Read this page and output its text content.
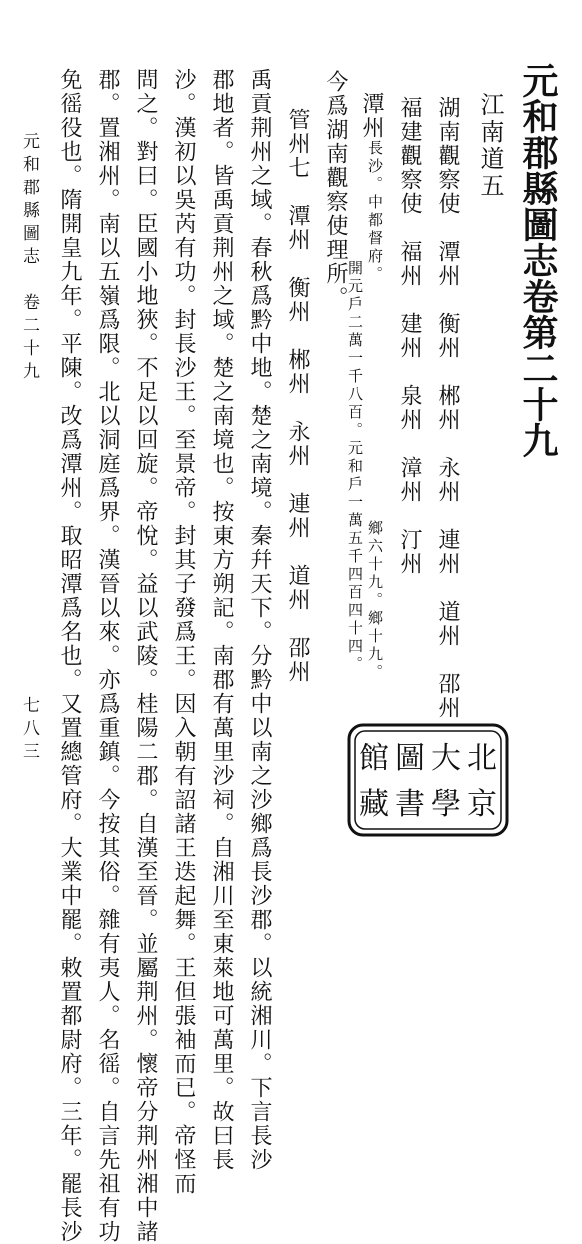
元和郡縣圖志卷第二十九
江南道五
湖南觀察使　潭州　衡州　郴州　永州　連州　道州　邵州
福建觀察使　福州　建州　泉州　漳州　汀州
潭州
長沙。中都督府。
開元戶二萬一千八百。元和戶一萬五千四百四十四。 鄉六十九。鄉十九。
今爲湖南觀察使理所。
管州七　潭州　衡州　郴州　永州　連州　道州　邵州
禹貢荆州之域。春秋爲黔中地。楚之南境。秦幷天下。分黔中以南之沙鄉爲長沙郡。以統湘川。下言長沙
郡地者。皆禹貢荆州之域。楚之南境也。按東方朔記。南郡有萬里沙祠。自湘川至東萊地可萬里。故曰長
沙。漢初以吳芮有功。封長沙王。至景帝。封其子發爲王。因入朝有詔諸王迭起舞。王但張袖而已。帝怪而
問之。對曰。臣國小地狹。不足以回旋。帝悅。益以武陵。桂陽二郡。自漢至晉。並屬荆州。懷帝分荆州湘中諸
郡。置湘州。南以五嶺爲限。北以洞庭爲界。漢晉以來。亦爲重鎮。今按其俗。雜有夷人。名徭。自言先祖有功
免徭役也。隋開皇九年。平陳。改爲潭州。取昭潭爲名也。又置總管府。大業中罷。敕置都尉府。三年。罷長沙
元和郡縣圖志　卷二十九
七八三	北
京
大
學
圖
書
館
藏
